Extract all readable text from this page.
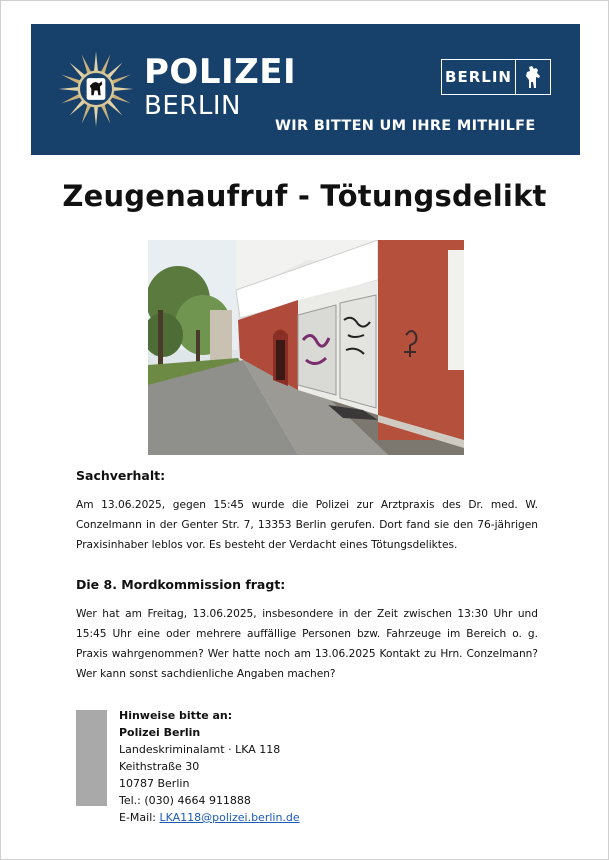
POLIZEI
BERLIN
BERLIN
WIR BITTEN UM IHRE MITHILFE
Zeugenaufruf - Tötungsdelikt
Sachverhalt:
Am 13.06.2025, gegen 15:45 wurde die Polizei zur Arztpraxis des Dr. med. W. Conzelmann in der Genter Str. 7, 13353 Berlin gerufen. Dort fand sie den 76-jährigen Praxisinhaber leblos vor. Es besteht der Verdacht eines Tötungsdeliktes.
Die 8. Mordkommission fragt:
Wer hat am Freitag, 13.06.2025, insbesondere in der Zeit zwischen 13:30 Uhr und 15:45 Uhr eine oder mehrere auffällige Personen bzw. Fahrzeuge im Bereich o. g. Praxis wahrgenommen? Wer hatte noch am 13.06.2025 Kontakt zu Hrn. Conzelmann? Wer kann sonst sachdienliche Angaben machen?
Hinweise bitte an:
Polizei Berlin
Landeskriminalamt · LKA 118
Keithstraße 30
10787 Berlin
Tel.: (030) 4664 911888
E-Mail: LKA118@polizei.berlin.de
